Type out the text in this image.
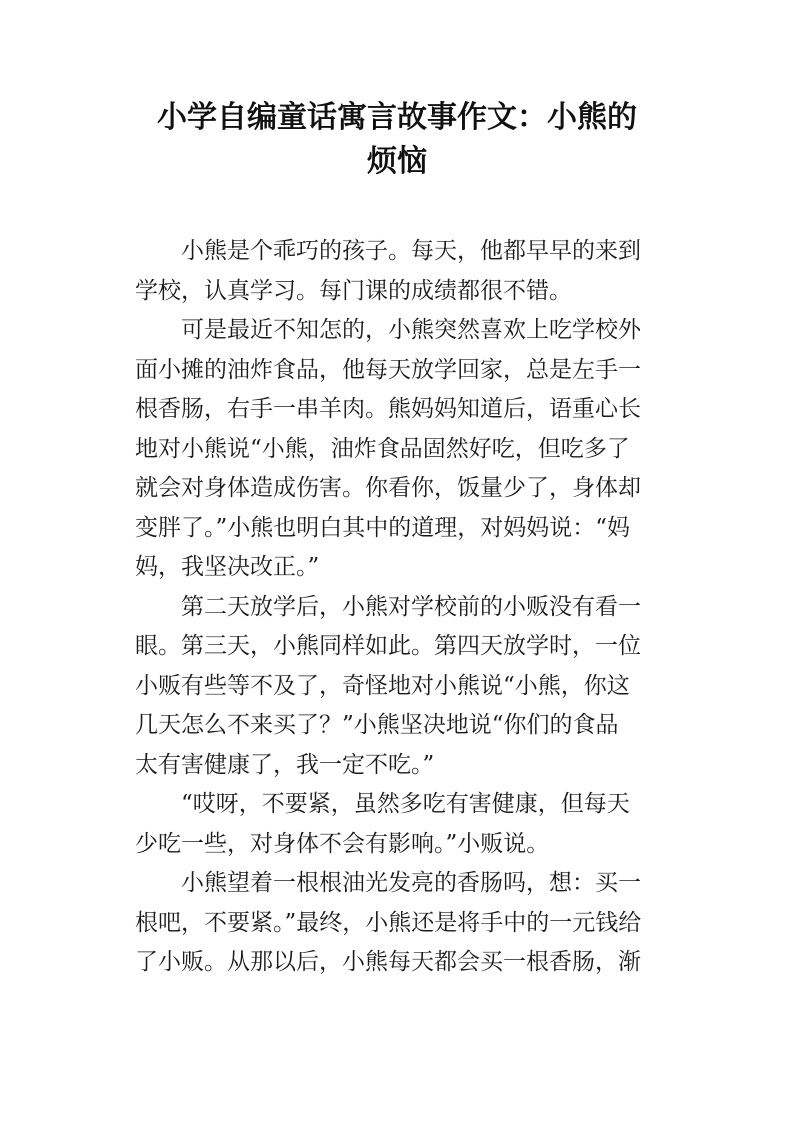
小学自编童话寓言故事作文：小熊的
烦恼
小熊是个乖巧的孩子。每天，他都早早的来到
学校，认真学习。每门课的成绩都很不错。
可是最近不知怎的，小熊突然喜欢上吃学校外
面小摊的油炸食品，他每天放学回家，总是左手一
根香肠，右手一串羊肉。熊妈妈知道后，语重心长
地对小熊说“小熊，油炸食品固然好吃，但吃多了
就会对身体造成伤害。你看你，饭量少了，身体却
变胖了。”小熊也明白其中的道理，对妈妈说：“妈
妈，我坚决改正。”
第二天放学后，小熊对学校前的小贩没有看一
眼。第三天，小熊同样如此。第四天放学时，一位
小贩有些等不及了，奇怪地对小熊说“小熊，你这
几天怎么不来买了？”小熊坚决地说“你们的食品
太有害健康了，我一定不吃。”
“哎呀，不要紧，虽然多吃有害健康，但每天
少吃一些，对身体不会有影响。”小贩说。
小熊望着一根根油光发亮的香肠吗，想：买一
根吧，不要紧。”最终，小熊还是将手中的一元钱给
了小贩。从那以后，小熊每天都会买一根香肠，渐
